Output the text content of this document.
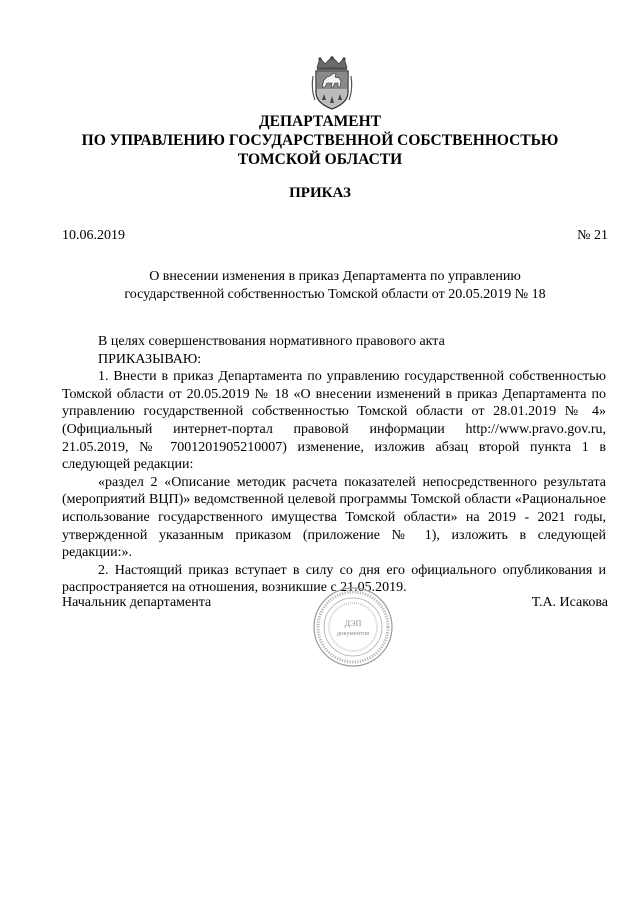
ДЕПАРТАМЕНТ
ПО УПРАВЛЕНИЮ ГОСУДАРСТВЕННОЙ СОБСТВЕННОСТЬЮ
ТОМСКОЙ ОБЛАСТИ
ПРИКАЗ
10.06.2019	№ 21
О внесении изменения в приказ Департамента по управлению государственной собственностью Томской области от 20.05.2019 № 18

В целях совершенствования нормативного правового акта

ПРИКАЗЫВАЮ:

1. Внести в приказ Департамента по управлению государственной собственностью Томской области от 20.05.2019 № 18 «О внесении изменений в приказ Департамента по управлению государственной собственностью Томской области от 28.01.2019 № 4» (Официальный интернет-портал правовой информации http://www.pravo.gov.ru, 21.05.2019, № 7001201905210007) изменение, изложив абзац второй пункта 1 в следующей редакции:

«раздел 2 «Описание методик расчета показателей непосредственного результата (мероприятий ВЦП)» ведомственной целевой программы Томской области «Рациональное использование государственного имущества Томской области» на 2019 - 2021 годы, утвержденной указанным приказом (приложение № 1), изложить в следующей редакции:».

2. Настоящий приказ вступает в силу со дня его официального опубликования и распространяется на отношения, возникшие с 21.05.2019.

Начальник департамента	Т.А. Исакова
ДЭП
документов
